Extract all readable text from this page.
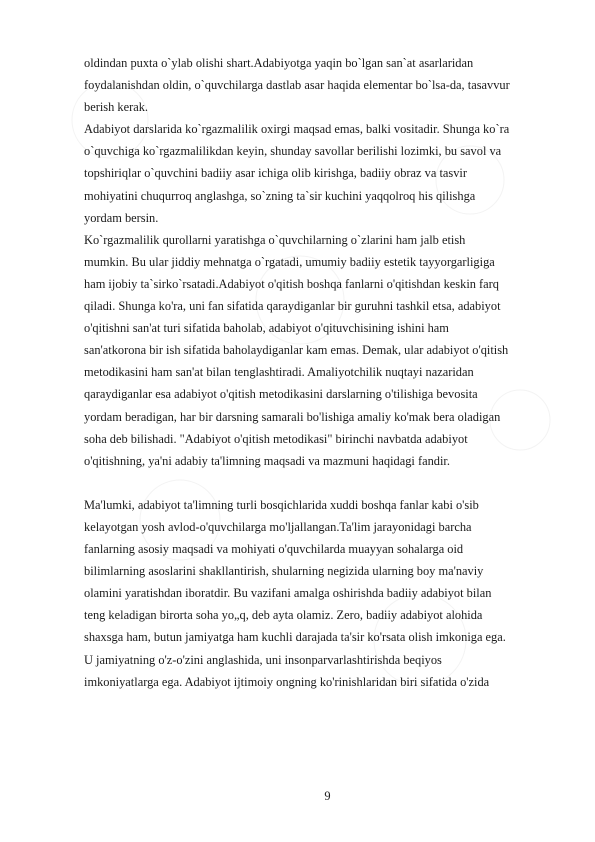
oldindan puxta o`ylab olishi shart.Adabiyotga yaqin bo`lgan san`at asarlaridan
foydalanishdan oldin, o`quvchilarga dastlab asar haqida elementar bo`lsa-da, tasavvur
berish kerak.
Adabiyot darslarida ko`rgazmalilik oxirgi maqsad emas, balki vositadir. Shunga ko`ra
o`quvchiga ko`rgazmalilikdan keyin, shunday savollar berilishi lozimki, bu savol va
topshiriqlar o`quvchini badiiy asar ichiga olib kirishga, badiiy obraz va tasvir
mohiyatini chuqurroq anglashga, so`zning ta`sir kuchini yaqqolroq his qilishga
yordam bersin.
Ko`rgazmalilik qurollarni yaratishga o`quvchilarning o`zlarini ham jalb etish
mumkin. Bu ular jiddiy mehnatga o`rgatadi, umumiy badiiy estetik tayyorgarligiga
ham ijobiy ta`sirko`rsatadi.Adabiyot o'qitish boshqa fanlarni o'qitishdan keskin farq
qiladi. Shunga ko'ra, uni fan sifatida qaraydiganlar bir guruhni tashkil etsa, adabiyot
o'qitishni san'at turi sifatida baholab, adabiyot o'qituvchisining ishini ham
san'atkorona bir ish sifatida baholaydiganlar kam emas. Demak, ular adabiyot o'qitish
metodikasini ham san'at bilan tenglashtiradi. Amaliyotchilik nuqtayi nazaridan
qaraydiganlar esa adabiyot o'qitish metodikasini darslarning o'tilishiga bevosita
yordam beradigan, har bir darsning samarali bo'lishiga amaliy ko'mak bera oladigan
soha deb bilishadi. "Adabiyot o'qitish metodikasi" birinchi navbatda adabiyot
o'qitishning, ya'ni adabiy ta'limning maqsadi va mazmuni haqidagi fandir.
Ma'lumki, adabiyot ta'limning turli bosqichlarida xuddi boshqa fanlar kabi o'sib
kelayotgan yosh avlod-o'quvchilarga mo'ljallangan.Ta'lim jarayonidagi barcha
fanlarning asosiy maqsadi va mohiyati o'quvchilarda muayyan sohalarga oid
bilimlarning asoslarini shakllantirish, shularning negizida ularning boy ma'naviy
olamini yaratishdan iboratdir. Bu vazifani amalga oshirishda badiiy adabiyot bilan
teng keladigan birorta soha yo„q, deb ayta olamiz. Zero, badiiy adabiyot alohida
shaxsga ham, butun jamiyatga ham kuchli darajada ta'sir ko'rsata olish imkoniga ega.
U jamiyatning o'z-o'zini anglashida, uni insonparvarlashtirishda beqiyos
imkoniyatlarga ega. Adabiyot ijtimoiy ongning ko'rinishlaridan biri sifatida o'zida
9
